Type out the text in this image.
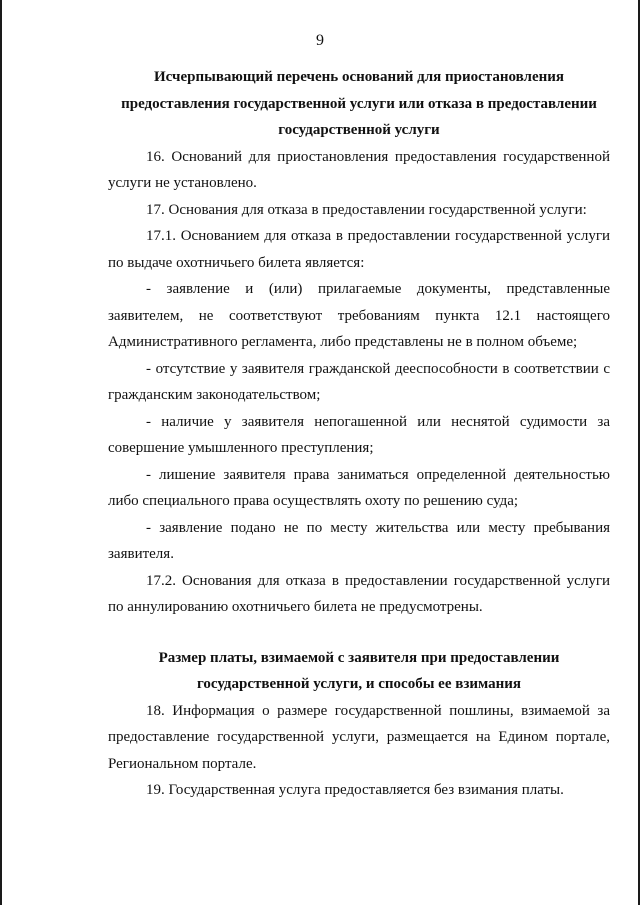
9
Исчерпывающий перечень оснований для приостановления
предоставления государственной услуги или отказа в предоставлении
государственной услуги

16. Оснований для приостановления предоставления государственной услуги не установлено.

17. Основания для отказа в предоставлении государственной услуги:

17.1. Основанием для отказа в предоставлении государственной услуги по выдаче охотничьего билета является:

- заявление и (или) прилагаемые документы, представленные заявителем, не соответствуют требованиям пункта 12.1 настоящего Административного регламента, либо представлены не в полном объеме;

- отсутствие у заявителя гражданской дееспособности в соответствии с гражданским законодательством;

- наличие у заявителя непогашенной или неснятой судимости за совершение умышленного преступления;

- лишение заявителя права заниматься определенной деятельностью либо специального права осуществлять охоту по решению суда;

- заявление подано не по месту жительства или месту пребывания заявителя.

17.2. Основания для отказа в предоставлении государственной услуги по аннулированию охотничьего билета не предусмотрены.

Размер платы, взимаемой с заявителя при предоставлении
государственной услуги, и способы ее взимания

18. Информация о размере государственной пошлины, взимаемой за предоставление государственной услуги, размещается на Едином портале, Региональном портале.

19. Государственная услуга предоставляется без взимания платы.
